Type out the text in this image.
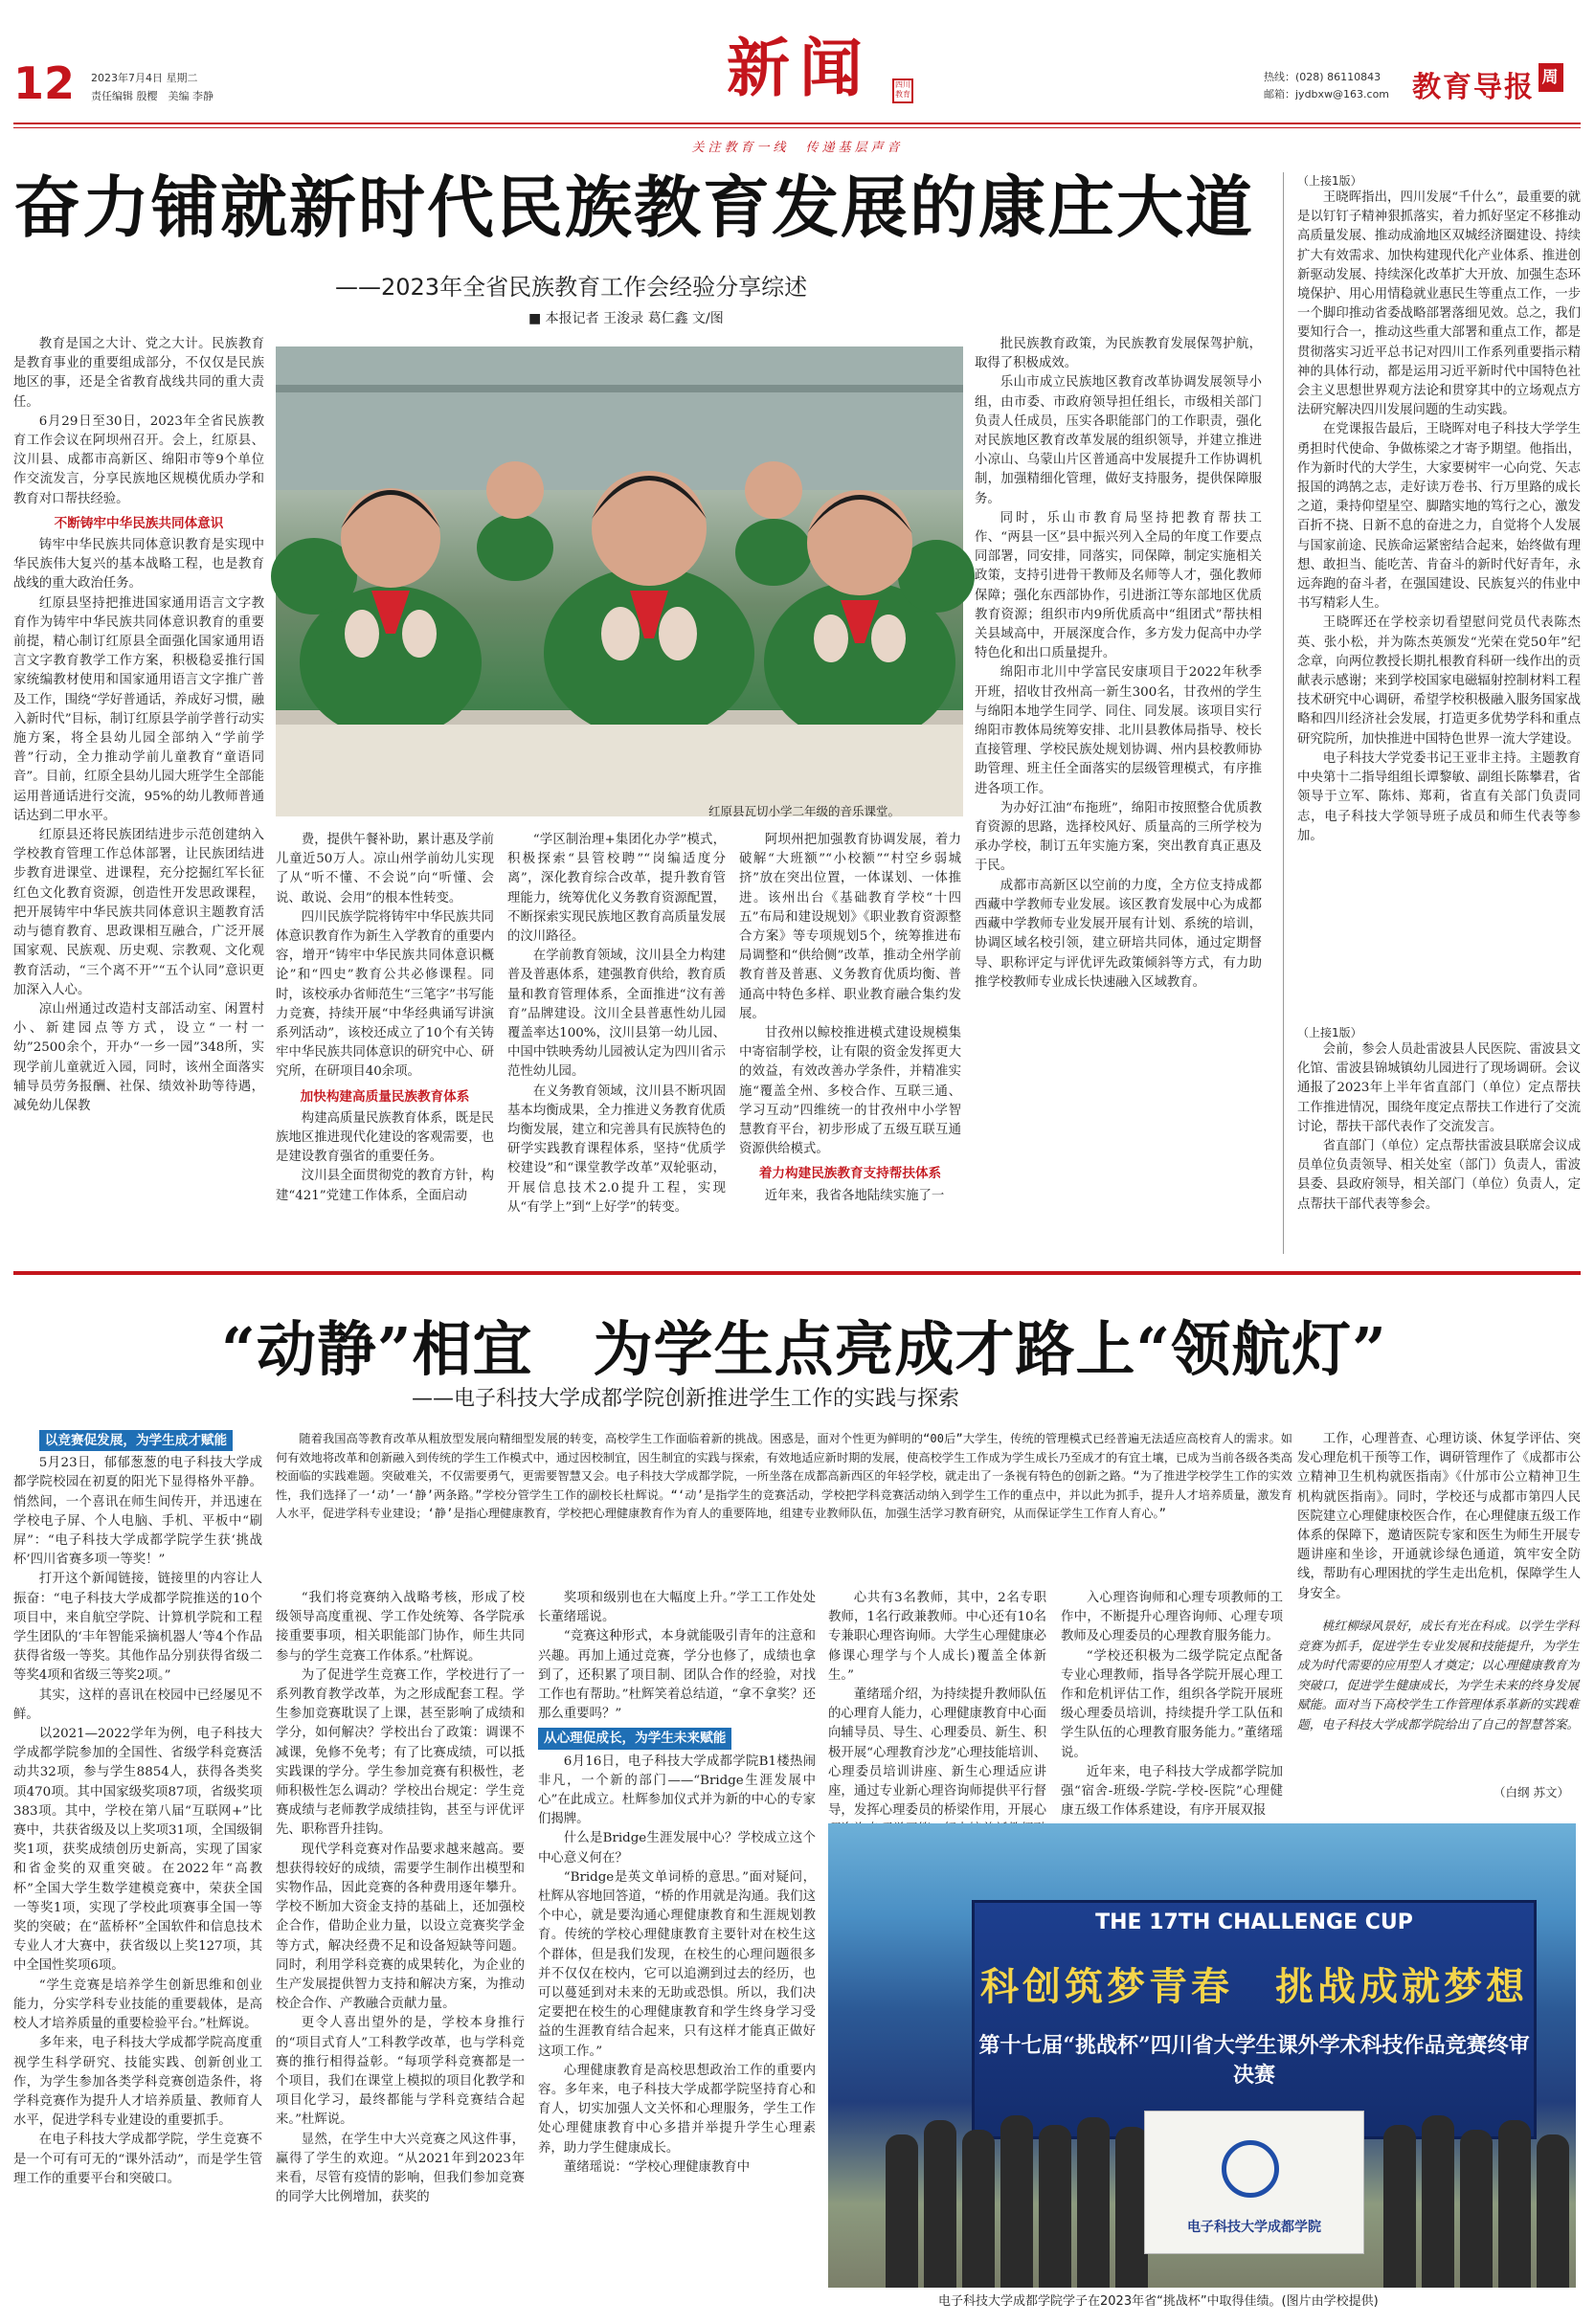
12 2023年7月4日 星期二
责任编辑 殷樱　美编 李静	新闻	四川教育
关注教育一线　传递基层声音
热线：(028) 86110843
邮箱：jydbxw@163.com 教育导报 周
奋力铺就新时代民族教育发展的康庄大道
——2023年全省民族教育工作会经验分享综述
■ 本报记者 王浚录 葛仁鑫 文/图

教育是国之大计、党之大计。民族教育是教育事业的重要组成部分，不仅仅是民族地区的事，还是全省教育战线共同的重大责任。

6月29日至30日，2023年全省民族教育工作会议在阿坝州召开。会上，红原县、汶川县、成都市高新区、绵阳市等9个单位作交流发言，分享民族地区规模优质办学和教育对口帮扶经验。

不断铸牢中华民族共同体意识

铸牢中华民族共同体意识教育是实现中华民族伟大复兴的基本战略工程，也是教育战线的重大政治任务。

红原县坚持把推进国家通用语言文字教育作为铸牢中华民族共同体意识教育的重要前提，精心制订红原县全面强化国家通用语言文字教育教学工作方案，积极稳妥推行国家统编教材使用和国家通用语言文字推广普及工作，围绕“学好普通话，养成好习惯，融入新时代”目标，制订红原县学前学普行动实施方案，将全县幼儿园全部纳入“学前学普”行动，全力推动学前儿童教育“童语同音”。目前，红原全县幼儿园大班学生全部能运用普通话进行交流，95%的幼儿教师普通话达到二甲水平。

红原县还将民族团结进步示范创建纳入学校教育管理工作总体部署，让民族团结进步教育进课堂、进课程，充分挖掘红军长征红色文化教育资源，创造性开发思政课程，把开展铸牢中华民族共同体意识主题教育活动与德育教育、思政课相互融合，广泛开展国家观、民族观、历史观、宗教观、文化观教育活动，“三个离不开”“五个认同”意识更加深入人心。

凉山州通过改造村支部活动室、闲置村小、新建园点等方式，设立“一村一幼”2500余个，开办“一乡一园”348所，实现学前儿童就近入园，同时，该州全面落实辅导员劳务报酬、社保、绩效补助等待遇，减免幼儿保教

红原县瓦切小学二年级的音乐课堂。

费，提供午餐补助，累计惠及学前儿童近50万人。凉山州学前幼儿实现了从“听不懂、不会说”向“听懂、会说、敢说、会用”的根本性转变。

四川民族学院将铸牢中华民族共同体意识教育作为新生入学教育的重要内容，增开“铸牢中华民族共同体意识概论”和“四史”教育公共必修课程。同时，该校承办省师范生“三笔字”书写能力竞赛，持续开展“中华经典诵写讲演系列活动”，该校还成立了10个有关铸牢中华民族共同体意识的研究中心、研究所，在研项目40余项。

加快构建高质量民族教育体系

构建高质量民族教育体系，既是民族地区推进现代化建设的客观需要，也是建设教育强省的重要任务。

汶川县全面贯彻党的教育方针，构建“421”党建工作体系，全面启动

“学区制治理+集团化办学”模式，积极探索“县管校聘”“岗编适度分离”，深化教育综合改革，提升教育管理能力，统筹优化义务教育资源配置，不断探索实现民族地区教育高质量发展的汶川路径。

在学前教育领域，汶川县全力构建普及普惠体系，建强教育供给，教育质量和教育管理体系，全面推进“汶有善育”品牌建设。汶川全县普惠性幼儿园覆盖率达100%，汶川县第一幼儿园、中国中铁映秀幼儿园被认定为四川省示范性幼儿园。

在义务教育领域，汶川县不断巩固基本均衡成果，全力推进义务教育优质均衡发展，建立和完善具有民族特色的研学实践教育课程体系，坚持“优质学校建设”和“课堂教学改革”双轮驱动，开展信息技术2.0提升工程，实现从“有学上”到“上好学”的转变。

阿坝州把加强教育协调发展，着力破解“大班额”“小校额”“村空乡弱城挤”放在突出位置，一体谋划、一体推进。该州出台《基础教育学校“十四五”布局和建设规划》《职业教育资源整合方案》等专项规划5个，统筹推进布局调整和“供给侧”改革，推动全州学前教育普及普惠、义务教育优质均衡、普通高中特色多样、职业教育融合集约发展。

甘孜州以鲸校推进模式建设规模集中寄宿制学校，让有限的资金发挥更大的效益，有效改善办学条件，并精准实施“覆盖全州、多校合作、互联三通、学习互动”四维统一的甘孜州中小学智慧教育平台，初步形成了五级互联互通资源供给模式。

着力构建民族教育支持帮扶体系

近年来，我省各地陆续实施了一

批民族教育政策，为民族教育发展保驾护航，取得了积极成效。

乐山市成立民族地区教育改革协调发展领导小组，由市委、市政府领导担任组长，市级相关部门负责人任成员，压实各职能部门的工作职责，强化对民族地区教育改革发展的组织领导，并建立推进小凉山、乌蒙山片区普通高中发展提升工作协调机制，加强精细化管理，做好支持服务，提供保障服务。

同时，乐山市教育局坚持把教育帮扶工作、“两县一区”县中振兴列入全局的年度工作要点同部署，同安排，同落实，同保障，制定实施相关政策，支持引进骨干教师及名师等人才，强化教师保障；强化东西部协作，引进浙江等东部地区优质教育资源；组织市内9所优质高中“组团式”帮扶相关县域高中，开展深度合作，多方发力促高中办学特色化和出口质量提升。

绵阳市北川中学富民安康项目于2022年秋季开班，招收甘孜州高一新生300名，甘孜州的学生与绵阳本地学生同学、同住、同发展。该项目实行绵阳市教体局统筹安排、北川县教体局指导、校长直接管理、学校民族处规划协调、州内县校教师协助管理、班主任全面落实的层级管理模式，有序推进各项工作。

为办好江油“布拖班”，绵阳市按照整合优质教育资源的思路，选择校风好、质量高的三所学校为承办学校，制订五年实施方案，突出教育真正惠及于民。

成都市高新区以空前的力度，全方位支持成都西藏中学教师专业发展。该区教育发展中心为成都西藏中学教师专业发展开展有计划、系统的培训，协调区域名校引领，建立研培共同体，通过定期督导、职称评定与评优评先政策倾斜等方式，有力助推学校教师专业成长快速融入区域教育。

（上接1版）

王晓晖指出，四川发展“千什么”，最重要的就是以钉钉子精神狠抓落实，着力抓好坚定不移推动高质量发展、推动成渝地区双城经济圈建设、持续扩大有效需求、加快构建现代化产业体系、推进创新驱动发展、持续深化改革扩大开放、加强生态环境保护、用心用情稳就业惠民生等重点工作，一步一个脚印推动省委战略部署落细见效。总之，我们要知行合一，推动这些重大部署和重点工作，都是贯彻落实习近平总书记对四川工作系列重要指示精神的具体行动，都是运用习近平新时代中国特色社会主义思想世界观方法论和贯穿其中的立场观点方法研究解决四川发展问题的生动实践。

在党课报告最后，王晓晖对电子科技大学学生勇担时代使命、争做栋梁之才寄予期望。他指出，作为新时代的大学生，大家要树牢一心向党、矢志报国的鸿鹄之志，走好读万卷书、行万里路的成长之道，秉持仰望星空、脚踏实地的笃行之心，激发百折不挠、日新不息的奋进之力，自觉将个人发展与国家前途、民族命运紧密结合起来，始终做有理想、敢担当、能吃苦、肯奋斗的新时代好青年，永远奔跑的奋斗者，在强国建设、民族复兴的伟业中书写精彩人生。

王晓晖还在学校亲切看望慰问党员代表陈杰英、张小松，并为陈杰英颁发“光荣在党50年”纪念章，向两位教授长期扎根教育科研一线作出的贡献表示感谢；来到学校国家电磁辐射控制材料工程技术研究中心调研，希望学校积极融入服务国家战略和四川经济社会发展，打造更多优势学科和重点研究院所，加快推进中国特色世界一流大学建设。

电子科技大学党委书记王亚非主持。主题教育中央第十二指导组组长谭黎敏、副组长陈攀君，省领导于立军、陈炜、郑莉，省直有关部门负责同志，电子科技大学领导班子成员和师生代表等参加。

（上接1版）

会前，参会人员赴雷波县人民医院、雷波县文化馆、雷波县锦城镇幼儿园进行了现场调研。会议通报了2023年上半年省直部门（单位）定点帮扶工作推进情况，围绕年度定点帮扶工作进行了交流讨论，帮扶干部代表作了交流发言。

省直部门（单位）定点帮扶雷波县联席会议成员单位负责领导、相关处室（部门）负责人，雷波县委、县政府领导，相关部门（单位）负责人，定点帮扶干部代表等参会。

“动静”相宜　为学生点亮成才路上“领航灯”
——电子科技大学成都学院创新推进学生工作的实践与探索
以竞赛促发展，为学生成才赋能

5月23日，郁郁葱葱的电子科技大学成都学院校园在初夏的阳光下显得格外平静。悄然间，一个喜讯在师生间传开，并迅速在学校电子屏、个人电脑、手机、平板中“刷屏”：“电子科技大学成都学院学生获‘挑战杯’四川省赛多项一等奖！”

打开这个新闻链接，链接里的内容让人振奋：“电子科技大学成都学院推送的10个项目中，来自航空学院、计算机学院和工程学生团队的‘丰年智能采摘机器人’等4个作品获得省级一等奖。其他作品分别获得省级二等奖4项和省级三等奖2项。”

其实，这样的喜讯在校园中已经屡见不鲜。

以2021—2022学年为例，电子科技大学成都学院参加的全国性、省级学科竞赛活动共32项，参与学生8854人，获得各类奖项470项。其中国家级奖项87项，省级奖项383项。其中，学校在第八届“互联网+”比赛中，共获省级及以上奖项31项，全国级铜奖1项，获奖成绩创历史新高，实现了国家和省金奖的双重突破。在2022年“高教杯”全国大学生数学建模竞赛中，荣获全国一等奖1项，实现了学校此项赛事全国一等奖的突破；在“蓝桥杯”全国软件和信息技术专业人才大赛中，获省级以上奖127项，其中全国性奖项6项。

“学生竞赛是培养学生创新思维和创业能力，分实学科专业技能的重要载体，是高校人才培养质量的重要检验平台。”杜辉说。

多年来，电子科技大学成都学院高度重视学生科学研究、技能实践、创新创业工作，为学生参加各类学科竞赛创造条件，将学科竞赛作为提升人才培养质量、教师育人水平，促进学科专业建设的重要抓手。

在电子科技大学成都学院，学生竞赛不是一个可有可无的“课外活动”，而是学生管理工作的重要平台和突破口。

随着我国高等教育改革从粗放型发展向精细型发展的转变，高校学生工作面临着新的挑战。困惑是，面对个性更为鲜明的“00后”大学生，传统的管理模式已经普遍无法适应高校育人的需求。如何有效地将改革和创新融入到传统的学生工作模式中，通过因校制宜，因生制宜的实践与探索，有效地适应新时期的发展，使高校学生工作成为学生成长乃至成才的有宜土壤，已成为当前各级各类高校面临的实践难题。突破难关，不仅需要勇气，更需要智慧又会。电子科技大学成都学院，一所坐落在成都高新西区的年轻学校，就走出了一条视有特色的创新之路。“为了推进学校学生工作的实效性，我们选择了一‘动’一‘静’两条路。”学校分管学生工作的副校长杜辉说。“‘动’是指学生的竞赛活动，学校把学科竞赛活动纳入到学生工作的重点中，并以此为抓手，提升人才培养质量，激发育人水平，促进学科专业建设；‘静’是指心理健康教育，学校把心理健康教育作为育人的重要阵地，组建专业教师队伍，加强生活学习教育研究，从而保证学生工作育人育心。”

“我们将竞赛纳入战略考核，形成了校级领导高度重视、学工作处统筹、各学院承接重要事项，相关职能部门协作，师生共同参与的学生竞赛工作体系。”杜辉说。

为了促进学生竞赛工作，学校进行了一系列教育教学改革，为之形成配套工程。学生参加竞赛耽误了上课，甚至影响了成绩和学分，如何解决？学校出台了政策：调课不减课，免修不免考；有了比赛成绩，可以抵实践课的学分。学生参加竞赛有积极性，老师积极性怎么调动？学校出台规定：学生竞赛成绩与老师教学成绩挂钩，甚至与评优评先、职称晋升挂钩。

现代学科竞赛对作品要求越来越高。要想获得较好的成绩，需要学生制作出模型和实物作品，因此竞赛的各种费用逐年攀升。学校不断加大资金支持的基础上，还加强校企合作，借助企业力量，以设立竞赛奖学金等方式，解决经费不足和设备短缺等问题。同时，利用学科竞赛的成果转化，为企业的生产发展提供智力支持和解决方案，为推动校企合作、产教融合贡献力量。

更令人喜出望外的是，学校本身推行的“项目式育人”工科教学改革，也与学科竞赛的推行相得益彰。“每项学科竞赛都是一个项目，我们在课堂上模拟的项目化教学和项目化学习，最终都能与学科竞赛结合起来。”杜辉说。

显然，在学生中大兴竞赛之风这件事，赢得了学生的欢迎。“从2021年到2023年来看，尽管有疫情的影响，但我们参加竞赛的同学大比例增加，获奖的

奖项和级别也在大幅度上升。”学工工作处处长董绪瑶说。

“竞赛这种形式，本身就能吸引青年的注意和兴趣。再加上通过竞赛，学分也修了，成绩也拿到了，还积累了项目制、团队合作的经验，对找工作也有帮助。”杜辉笑着总结道，“拿不拿奖？还那么重要吗？”

从心理促成长，为学生未来赋能

6月16日，电子科技大学成都学院B1楼热闹非凡，一个新的部门——“Bridge生涯发展中心”在此成立。杜辉参加仪式并为新的中心的专家们揭牌。

什么是Bridge生涯发展中心？学校成立这个中心意义何在？

“Bridge是英文单词桥的意思。”面对疑问，杜辉从容地回答道，“桥的作用就是沟通。我们这个中心，就是要沟通心理健康教育和生涯规划教育。传统的学校心理健康教育主要针对在校生这个群体，但是我们发现，在校生的心理问题很多并不仅仅在校内，它可以追溯到过去的经历，也可以蔓延到对未来的无助或恐惧。所以，我们决定要把在校生的心理健康教育和学生终身学习受益的生涯教育结合起来，只有这样才能真正做好这项工作。”

心理健康教育是高校思想政治工作的重要内容。多年来，电子科技大学成都学院坚持育心和育人，切实加强人文关怀和心理服务，学生工作处心理健康教育中心多措并举提升学生心理素养，助力学生健康成长。

董绪瑶说：“学校心理健康教育中

心共有3名教师，其中，2名专职教师，1名行政兼教师。中心还有10名专兼职心理咨询师。大学生心理健康必修课心理学与个人成长)覆盖全体新生。”

董绪瑶介绍，为持续提升教师队伍的心理育人能力，心理健康教育中心面向辅导员、导生、心理委员、新生、积极开展“心理教育沙龙”心理技能培训、心理委员培训讲座、新生心理适应讲座，通过专业新心理咨询师提供平行督导，发挥心理委员的桥梁作用，开展心

入心理咨询师和心理专项教师的工作中，不断提升心理咨询师、心理专项教师及心理委员的心理教育服务能力。

“学校还积极为二级学院定点配备专业心理教师，指导各学院开展心理工作和危机评估工作，组织各学院开展班级心理委员培训，持续提升学工队伍和学生队伍的心理教育服务能力。”董绪瑶说。

近年来，电子科技大学成都学院加强“宿舍-班级-学院-学校-医院”心理健康五级工作体系建设，有序开展双报

工作，心理普查、心理访谈、休复学评估、突发心理危机干预等工作，调研管理作了《成都市公立精神卫生机构就医指南》《什邡市公立精神卫生机构就医指南》。同时，学校还与成都市第四人民医院建立心理健康校医合作，在心理健康五级工作体系的保障下，邀请医院专家和医生为师生开展专题讲座和坐诊，开通就诊绿色通道，筑牢安全防线，帮助有心理困扰的学生走出危机，保障学生人身安全。

桃红柳绿风景好，成长有光在科成。以学生学科竞赛为抓手，促进学生专业发展和技能提升，为学生成为时代需要的应用型人才奠定；以心理健康教育为突破口，促进学生健康成长，为学生未来的终身发展赋能。面对当下高校学生工作管理体系革新的实践难题，电子科技大学成都学院给出了自己的智慧答案。
（白纲 苏文）
THE 17TH CHALLENGE CUP
科创筑梦青春　挑战成就梦想
第十七届“挑战杯”四川省大学生课外学术科技作品竞赛终审决赛
电子科技大学成都学院
电子科技大学成都学院学子在2023年省“挑战杯”中取得佳绩。(图片由学校提供)
